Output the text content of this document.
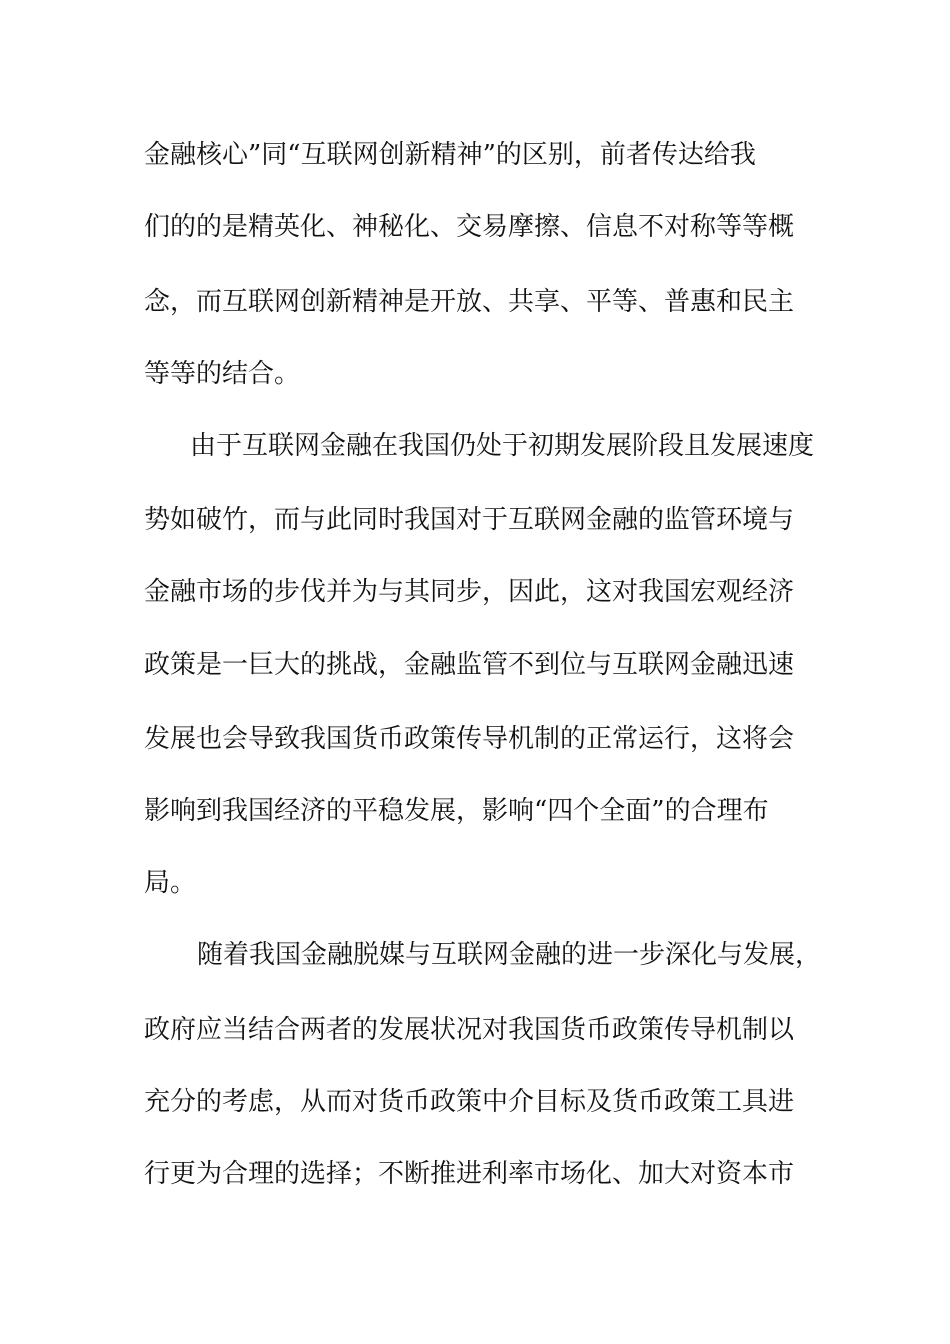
金融核心”同“互联网创新精神”的区别，前者传达给我
们的的是精英化、神秘化、交易摩擦、信息不对称等等概
念，而互联网创新精神是开放、共享、平等、普惠和民主
等等的结合。
由于互联网金融在我国仍处于初期发展阶段且发展速度
势如破竹，而与此同时我国对于互联网金融的监管环境与
金融市场的步伐并为与其同步，因此，这对我国宏观经济
政策是一巨大的挑战，金融监管不到位与互联网金融迅速
发展也会导致我国货币政策传导机制的正常运行，这将会
影响到我国经济的平稳发展，影响“四个全面”的合理布
局。
随着我国金融脱媒与互联网金融的进一步深化与发展，
政府应当结合两者的发展状况对我国货币政策传导机制以
充分的考虑，从而对货币政策中介目标及货币政策工具进
行更为合理的选择；不断推进利率市场化、加大对资本市
